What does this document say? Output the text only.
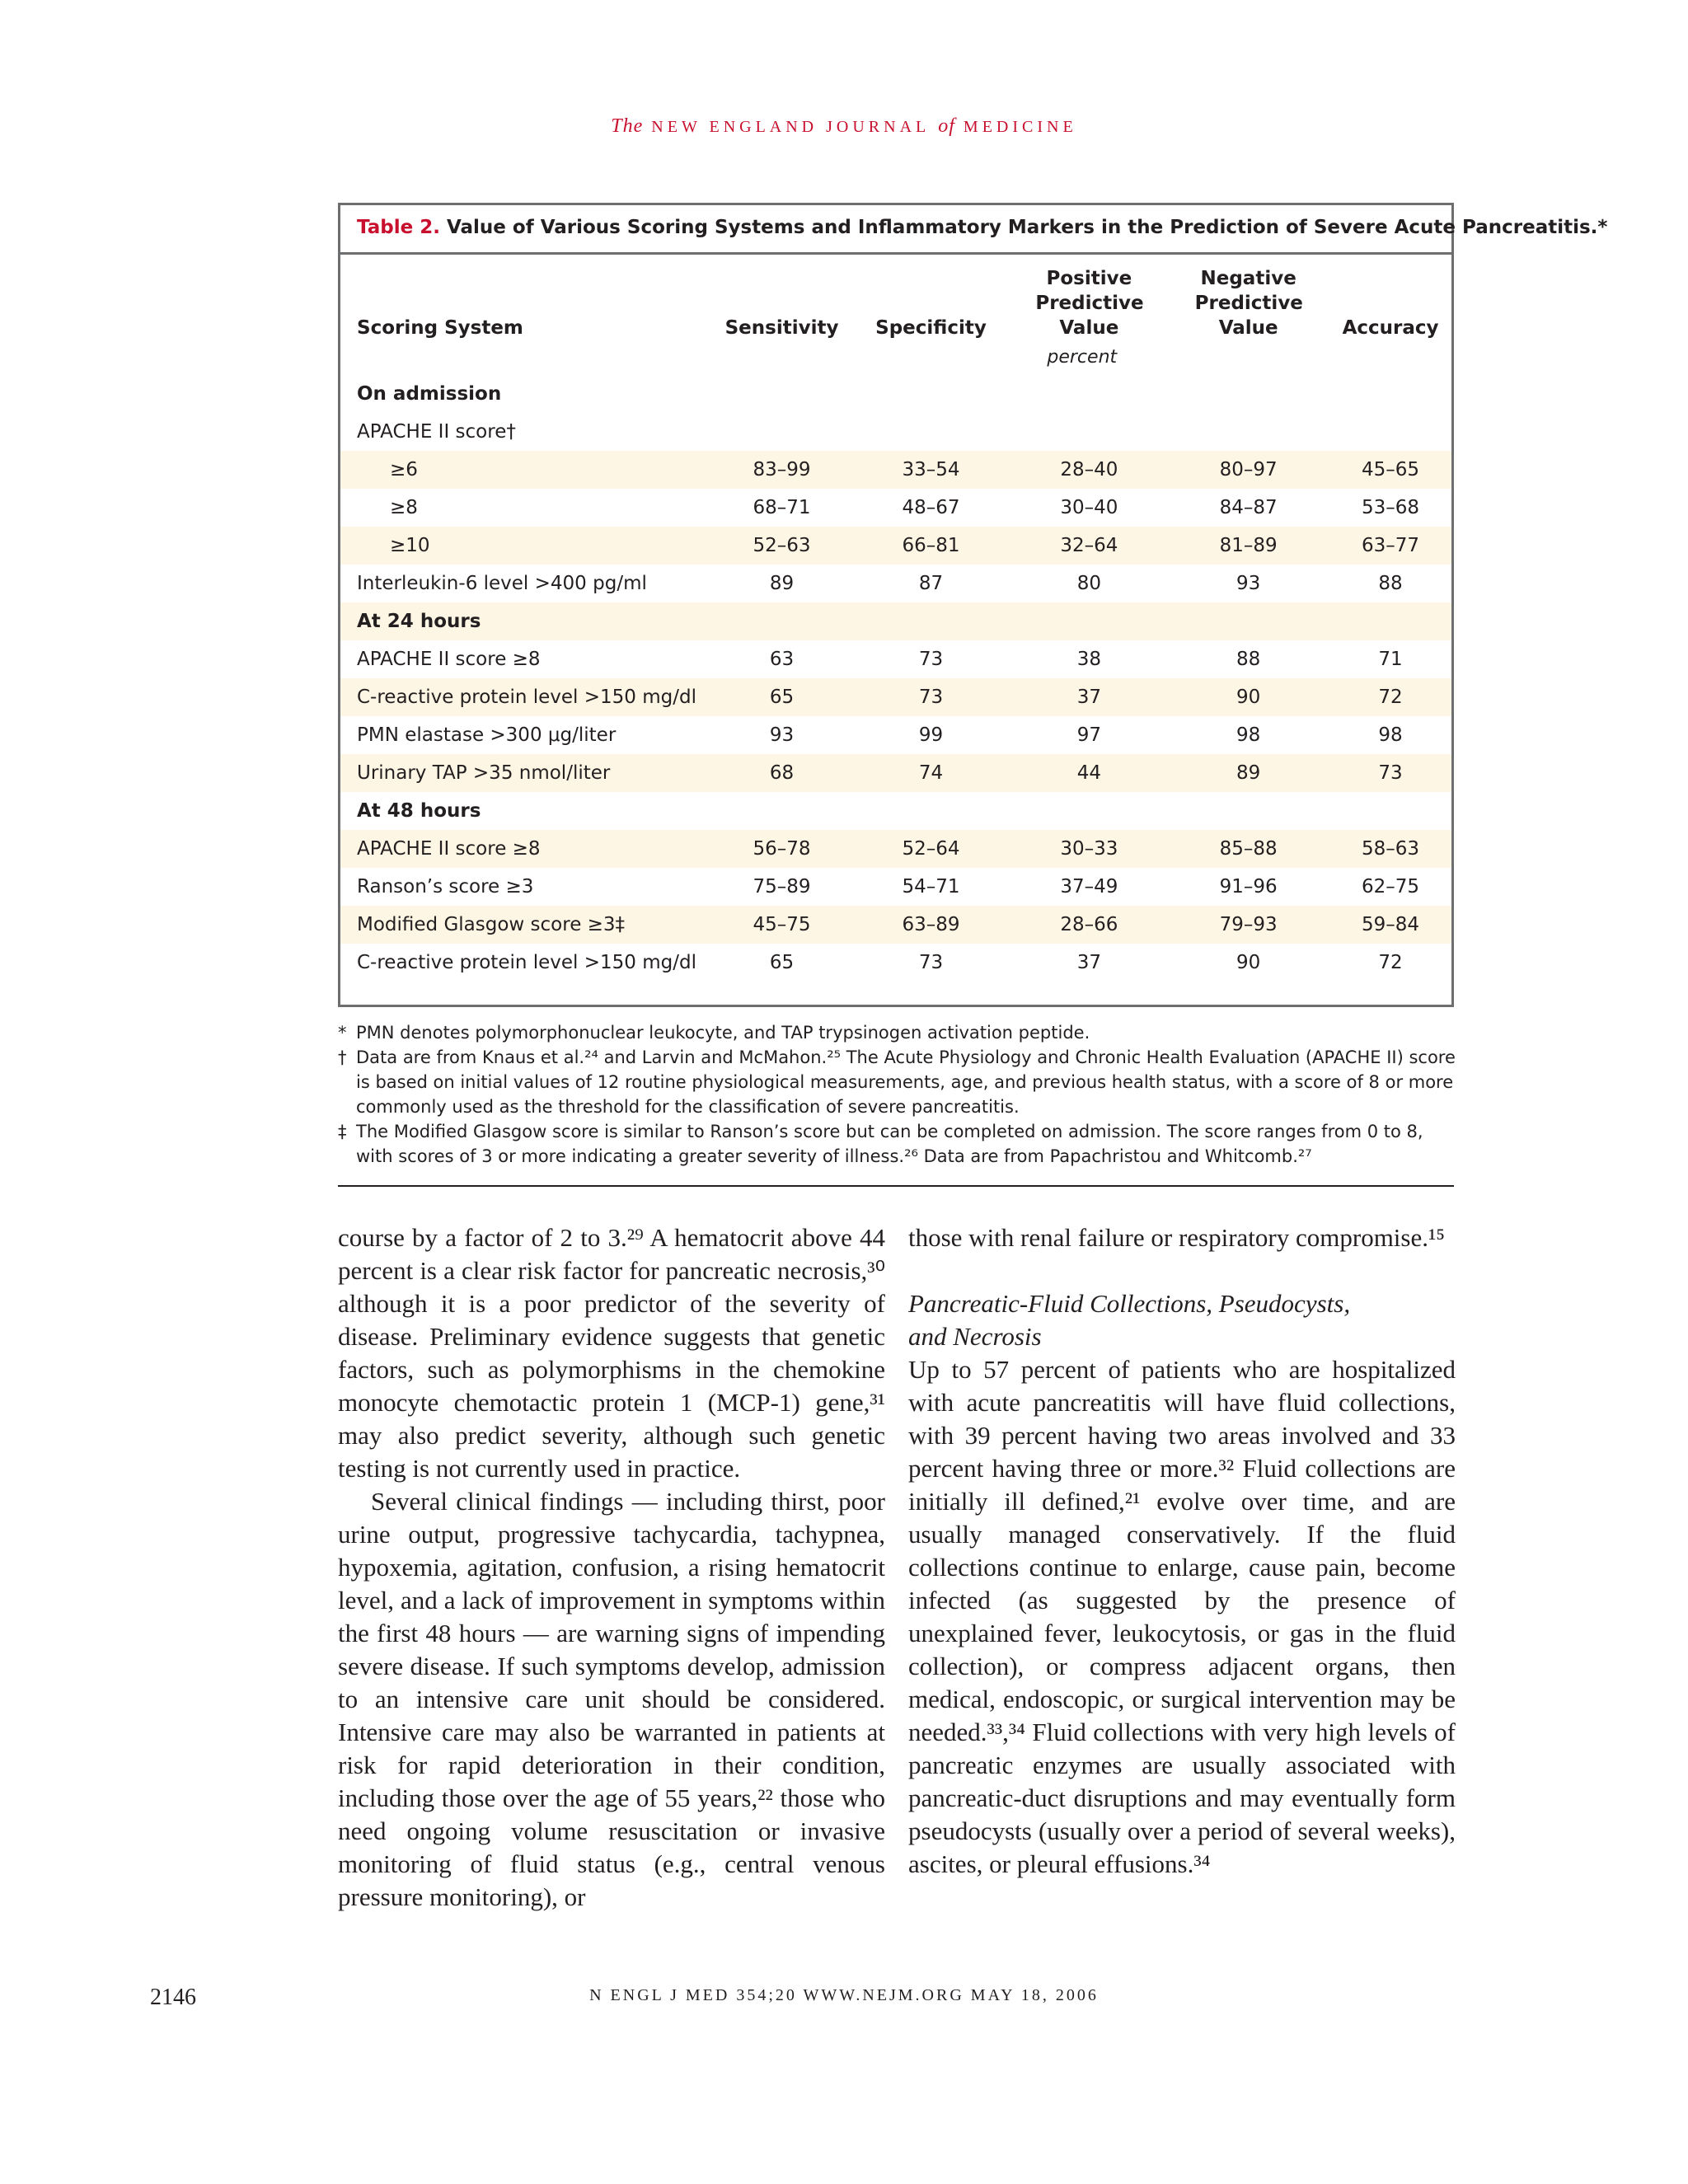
The NEW ENGLAND JOURNAL of MEDICINE
Table 2. Value of Various Scoring Systems and Inflammatory Markers in the Prediction of Severe Acute Pancreatitis.*
Scoring System	Sensitivity	Specificity	Positive Predictive Value	Negative Predictive Value	Accuracy
	percent				
On admission					
APACHE II score†					
≥6	83–99	33–54	28–40	80–97	45–65
≥8	68–71	48–67	30–40	84–87	53–68
≥10	52–63	66–81	32–64	81–89	63–77
Interleukin-6 level >400 pg/ml	89	87	80	93	88
At 24 hours					
APACHE II score ≥8	63	73	38	88	71
C-reactive protein level >150 mg/dl	65	73	37	90	72
PMN elastase >300 μg/liter	93	99	97	98	98
Urinary TAP >35 nmol/liter	68	74	44	89	73
At 48 hours					
APACHE II score ≥8	56–78	52–64	30–33	85–88	58–63
Ranson’s score ≥3	75–89	54–71	37–49	91–96	62–75
Modified Glasgow score ≥3‡	45–75	63–89	28–66	79–93	59–84
C-reactive protein level >150 mg/dl	65	73	37	90	72
* PMN denotes polymorphonuclear leukocyte, and TAP trypsinogen activation peptide.
† Data are from Knaus et al.²⁴ and Larvin and McMahon.²⁵ The Acute Physiology and Chronic Health Evaluation (APACHE II) score is based on initial values of 12 routine physiological measurements, age, and previous health status, with a score of 8 or more commonly used as the threshold for the classification of severe pancreatitis.
‡ The Modified Glasgow score is similar to Ranson’s score but can be completed on admission. The score ranges from 0 to 8, with scores of 3 or more indicating a greater severity of illness.²⁶ Data are from Papachristou and Whitcomb.²⁷

course by a factor of 2 to 3.²⁹ A hematocrit above 44 percent is a clear risk factor for pancreatic necrosis,³⁰ although it is a poor predictor of the severity of disease. Preliminary evidence suggests that genetic factors, such as polymorphisms in the chemokine monocyte chemotactic protein 1 (MCP-1) gene,³¹ may also predict severity, although such genetic testing is not currently used in practice.

Several clinical findings — including thirst, poor urine output, progressive tachycardia, tachypnea, hypoxemia, agitation, confusion, a rising hematocrit level, and a lack of improvement in symptoms within the first 48 hours — are warning signs of impending severe disease. If such symptoms develop, admission to an intensive care unit should be considered. Intensive care may also be warranted in patients at risk for rapid deterioration in their condition, including those over the age of 55 years,²² those who need ongoing volume resuscitation or invasive monitoring of fluid status (e.g., central venous pressure monitoring), or

those with renal failure or respiratory compromise.¹⁵

Pancreatic-Fluid Collections, Pseudocysts, and Necrosis

Up to 57 percent of patients who are hospitalized with acute pancreatitis will have fluid collections, with 39 percent having two areas involved and 33 percent having three or more.³² Fluid collections are initially ill defined,²¹ evolve over time, and are usually managed conservatively. If the fluid collections continue to enlarge, cause pain, become infected (as suggested by the presence of unexplained fever, leukocytosis, or gas in the fluid collection), or compress adjacent organs, then medical, endoscopic, or surgical intervention may be needed.³³,³⁴ Fluid collections with very high levels of pancreatic enzymes are usually associated with pancreatic-duct disruptions and may eventually form pseudocysts (usually over a period of several weeks), ascites, or pleural effusions.³⁴

2146	N ENGL J MED 354;20 WWW.NEJM.ORG MAY 18, 2006
